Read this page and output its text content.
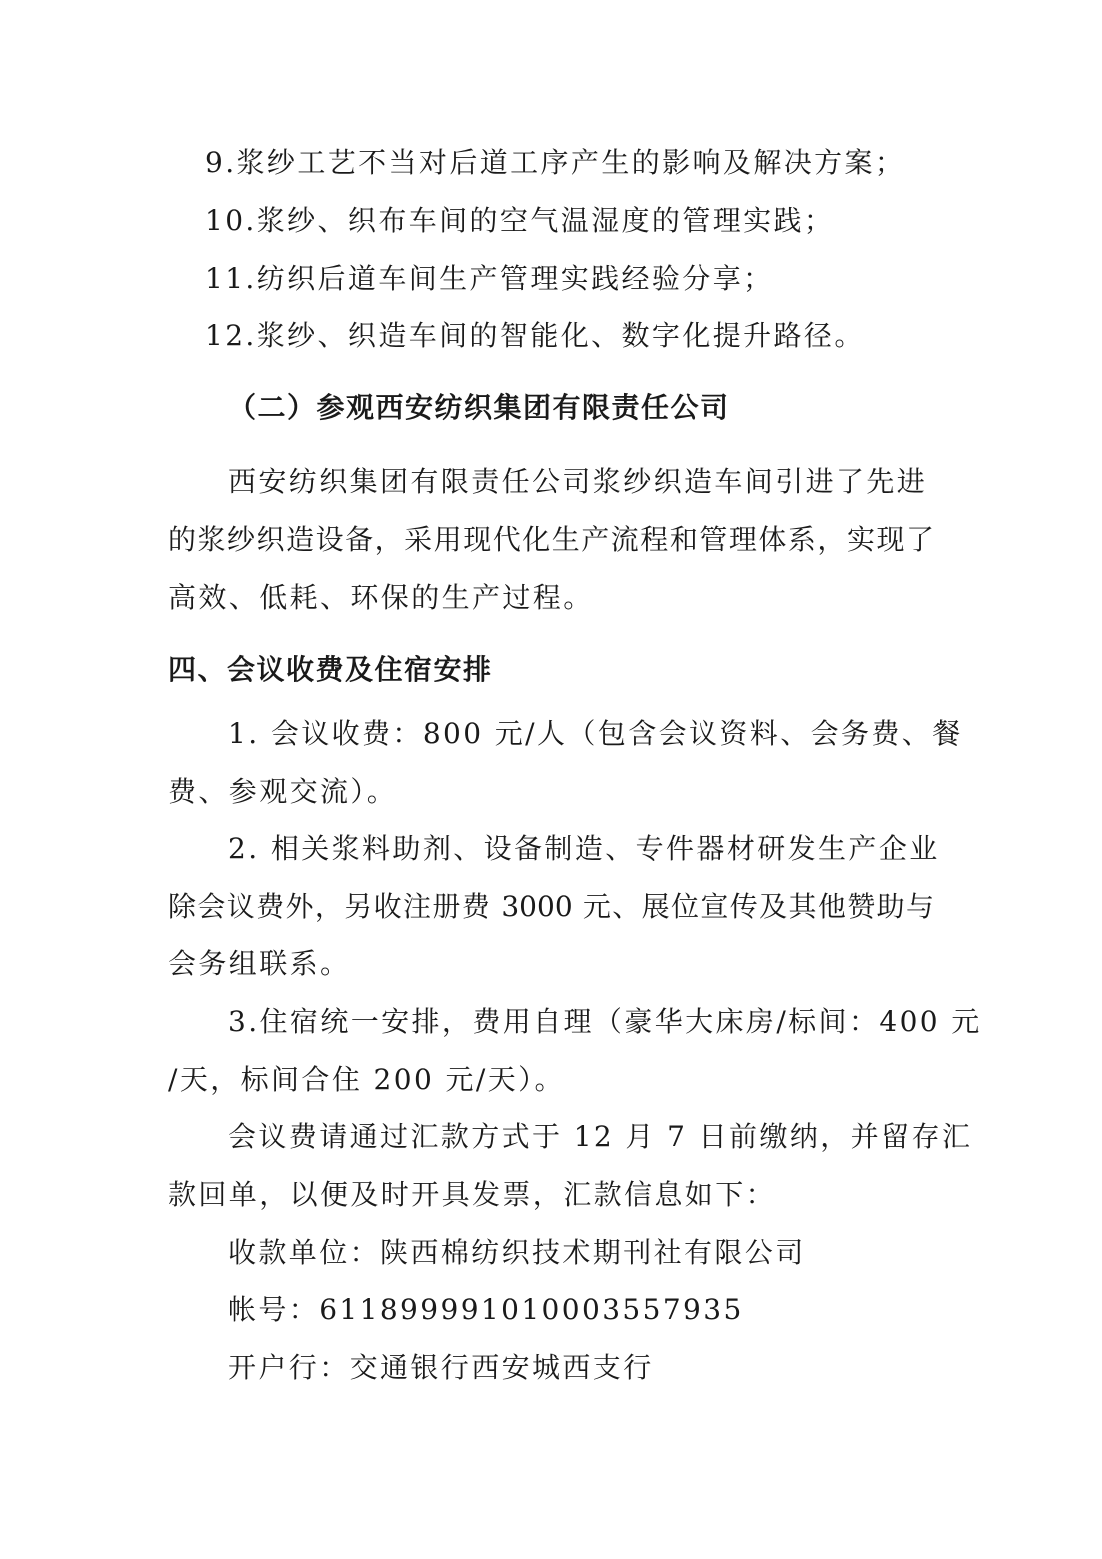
9.浆纱工艺不当对后道工序产生的影响及解决方案；
10.浆纱、织布车间的空气温湿度的管理实践；
11.纺织后道车间生产管理实践经验分享；
12.浆纱、织造车间的智能化、数字化提升路径。
（二）参观西安纺织集团有限责任公司
西安纺织集团有限责任公司浆纱织造车间引进了先进
的浆纱织造设备，采用现代化生产流程和管理体系，实现了
高效、低耗、环保的生产过程。
四、会议收费及住宿安排
1. 会议收费：800 元/人（包含会议资料、会务费、餐
费、参观交流）。
2. 相关浆料助剂、设备制造、专件器材研发生产企业
除会议费外，另收注册费 3000 元、展位宣传及其他赞助与
会务组联系。
3.住宿统一安排，费用自理（豪华大床房/标间：400 元
/天，标间合住 200 元/天）。
会议费请通过汇款方式于 12 月 7 日前缴纳，并留存汇
款回单，以便及时开具发票，汇款信息如下：
收款单位：陕西棉纺织技术期刊社有限公司
帐号：611899991010003557935
开户行：交通银行西安城西支行
